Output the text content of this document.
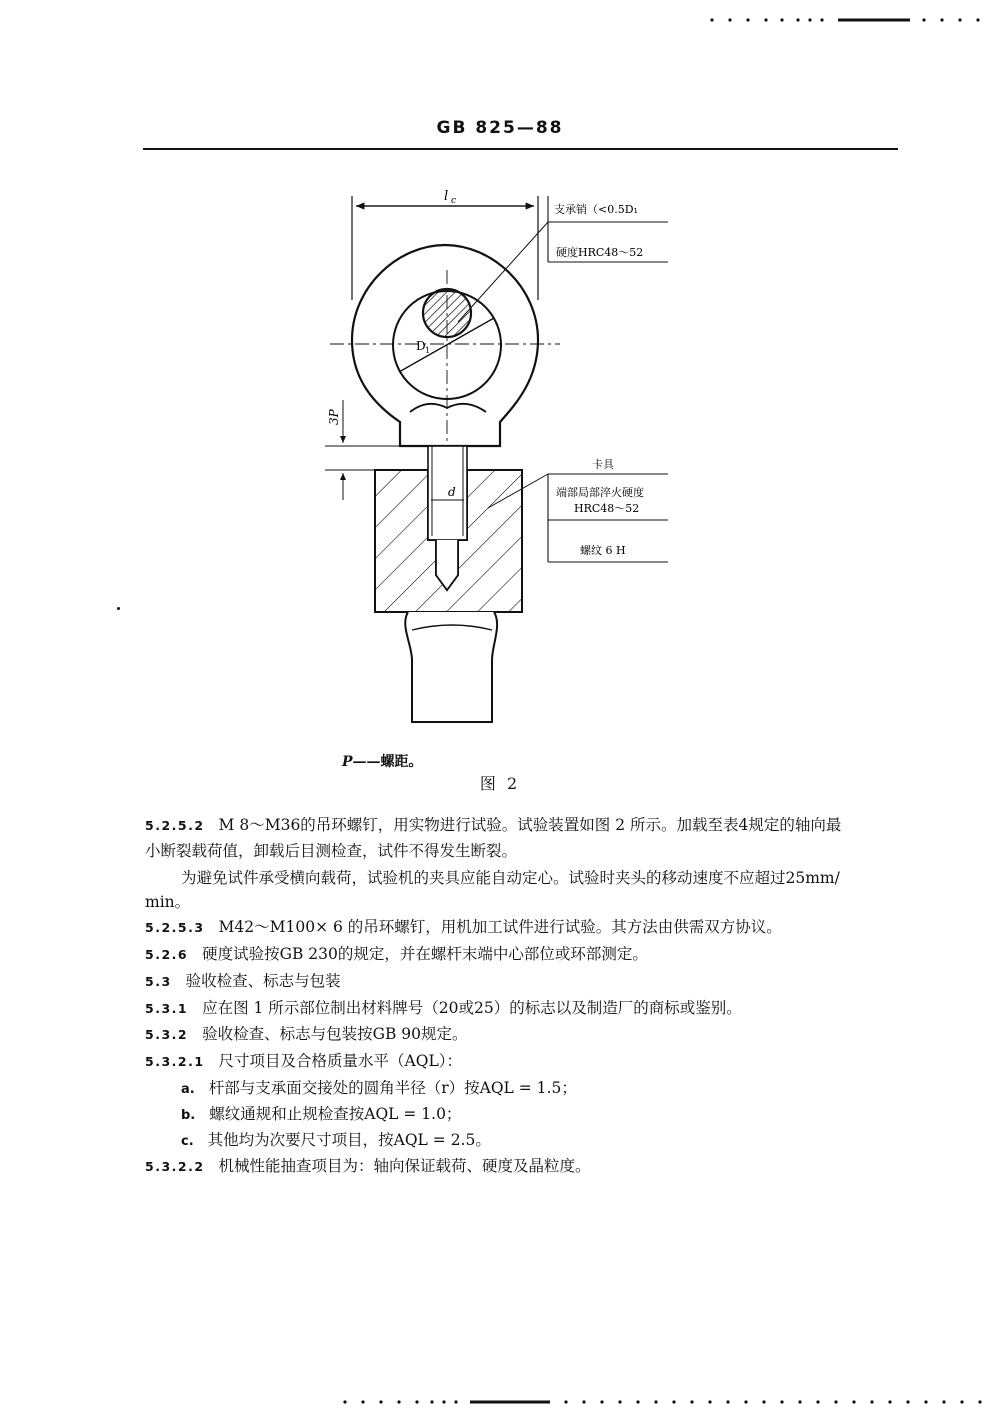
GB 825—88
l c
D 1
支承销（<0.5D₁
硬度HRC48～52
3P
d
卡具
端部局部淬火硬度
HRC48～52
螺纹 6 H
P——螺距。
图 2
5.2.5.2 M 8～M36的吊环螺钉，用实物进行试验。试验装置如图 2 所示。加载至表4规定的轴向最
小断裂载荷值，卸载后目测检查，试件不得发生断裂。
为避免试件承受横向载荷，试验机的夹具应能自动定心。试验时夹头的移动速度不应超过25mm/
min。
5.2.5.3 M42～M100× 6 的吊环螺钉，用机加工试件进行试验。其方法由供需双方协议。
5.2.6 硬度试验按GB 230的规定，并在螺杆末端中心部位或环部测定。
5.3 验收检查、标志与包装
5.3.1 应在图 1 所示部位制出材料牌号（20或25）的标志以及制造厂的商标或鉴别。
5.3.2 验收检查、标志与包装按GB 90规定。
5.3.2.1 尺寸项目及合格质量水平（AQL）：
a. 杆部与支承面交接处的圆角半径（r）按AQL = 1.5；
b. 螺纹通规和止规检查按AQL = 1.0；
c. 其他均为次要尺寸项目，按AQL = 2.5。
5.3.2.2 机械性能抽查项目为：轴向保证载荷、硬度及晶粒度。
